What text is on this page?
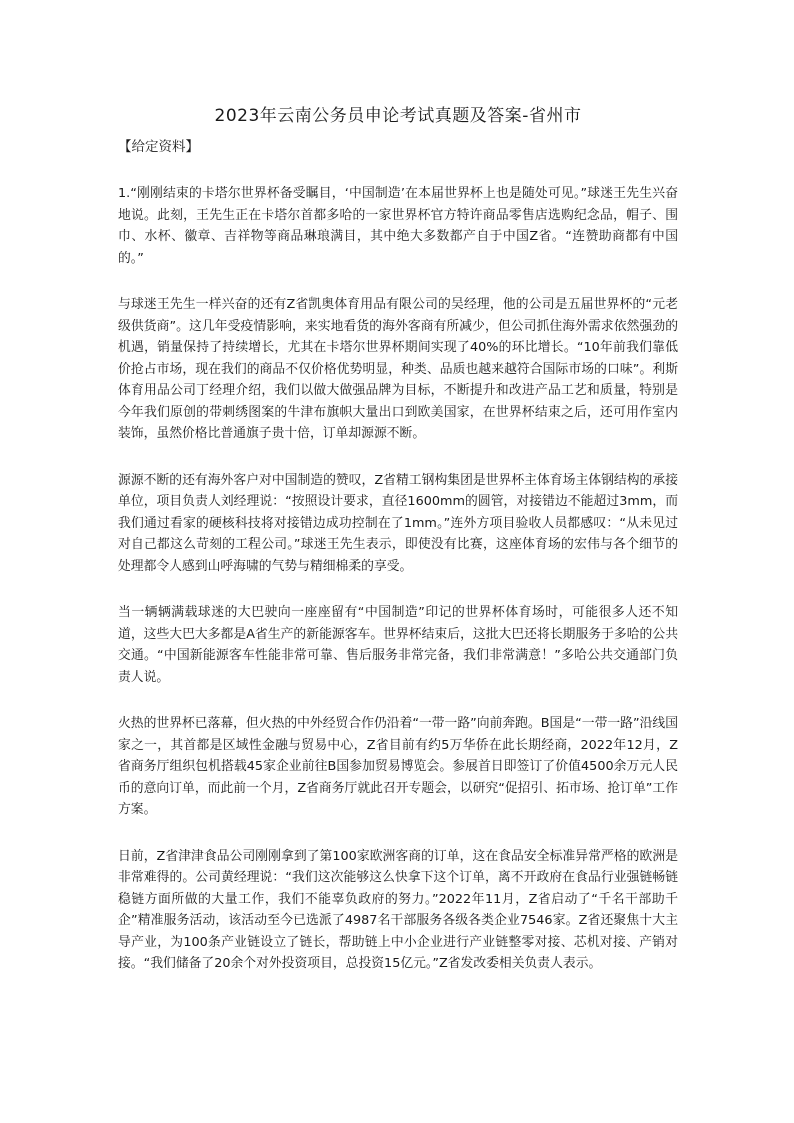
2023年云南公务员申论考试真题及答案-省州市
【给定资料】

1.“刚刚结束的卡塔尔世界杯备受瞩目，‘中国制造’在本届世界杯上也是随处可见。”球迷王先生兴奋地说。此刻，王先生正在卡塔尔首都多哈的一家世界杯官方特许商品零售店选购纪念品，帽子、围巾、水杯、徽章、吉祥物等商品琳琅满目，其中绝大多数都产自于中国Z省。“连赞助商都有中国的。”

与球迷王先生一样兴奋的还有Z省凯奥体育用品有限公司的吴经理，他的公司是五届世界杯的“元老级供货商”。这几年受疫情影响，来实地看货的海外客商有所减少，但公司抓住海外需求依然强劲的机遇，销量保持了持续增长，尤其在卡塔尔世界杯期间实现了40%的环比增长。“10年前我们靠低价抢占市场，现在我们的商品不仅价格优势明显，种类、品质也越来越符合国际市场的口味”。利斯体育用品公司丁经理介绍，我们以做大做强品牌为目标，不断提升和改进产品工艺和质量，特别是今年我们原创的带刺绣图案的牛津布旗帜大量出口到欧美国家，在世界杯结束之后，还可用作室内装饰，虽然价格比普通旗子贵十倍，订单却源源不断。

源源不断的还有海外客户对中国制造的赞叹，Z省精工钢构集团是世界杯主体育场主体钢结构的承接单位，项目负责人刘经理说：“按照设计要求，直径1600mm的圆管，对接错边不能超过3mm，而我们通过看家的硬核科技将对接错边成功控制在了1mm。”连外方项目验收人员都感叹：“从未见过对自己都这么苛刻的工程公司。”球迷王先生表示，即使没有比赛，这座体育场的宏伟与各个细节的处理都令人感到山呼海啸的气势与精细棉柔的享受。

当一辆辆满载球迷的大巴驶向一座座留有“中国制造”印记的世界杯体育场时，可能很多人还不知道，这些大巴大多都是A省生产的新能源客车。世界杯结束后，这批大巴还将长期服务于多哈的公共交通。“中国新能源客车性能非常可靠、售后服务非常完备，我们非常满意！”多哈公共交通部门负责人说。

火热的世界杯已落幕，但火热的中外经贸合作仍沿着“一带一路”向前奔跑。B国是“一带一路”沿线国家之一，其首都是区域性金融与贸易中心，Z省目前有约5万华侨在此长期经商，2022年12月，Z省商务厅组织包机搭载45家企业前往B国参加贸易博览会。参展首日即签订了价值4500余万元人民币的意向订单，而此前一个月，Z省商务厅就此召开专题会，以研究“促招引、拓市场、抢订单”工作方案。

日前，Z省津津食品公司刚刚拿到了第100家欧洲客商的订单，这在食品安全标准异常严格的欧洲是非常难得的。公司黄经理说：“我们这次能够这么快拿下这个订单，离不开政府在食品行业强链畅链稳链方面所做的大量工作，我们不能辜负政府的努力。”2022年11月，Z省启动了“千名干部助千企”精准服务活动，该活动至今已选派了4987名干部服务各级各类企业7546家。Z省还聚焦十大主导产业，为100条产业链设立了链长，帮助链上中小企业进行产业链整零对接、芯机对接、产销对接。“我们储备了20余个对外投资项目，总投资15亿元。”Z省发改委相关负责人表示。
